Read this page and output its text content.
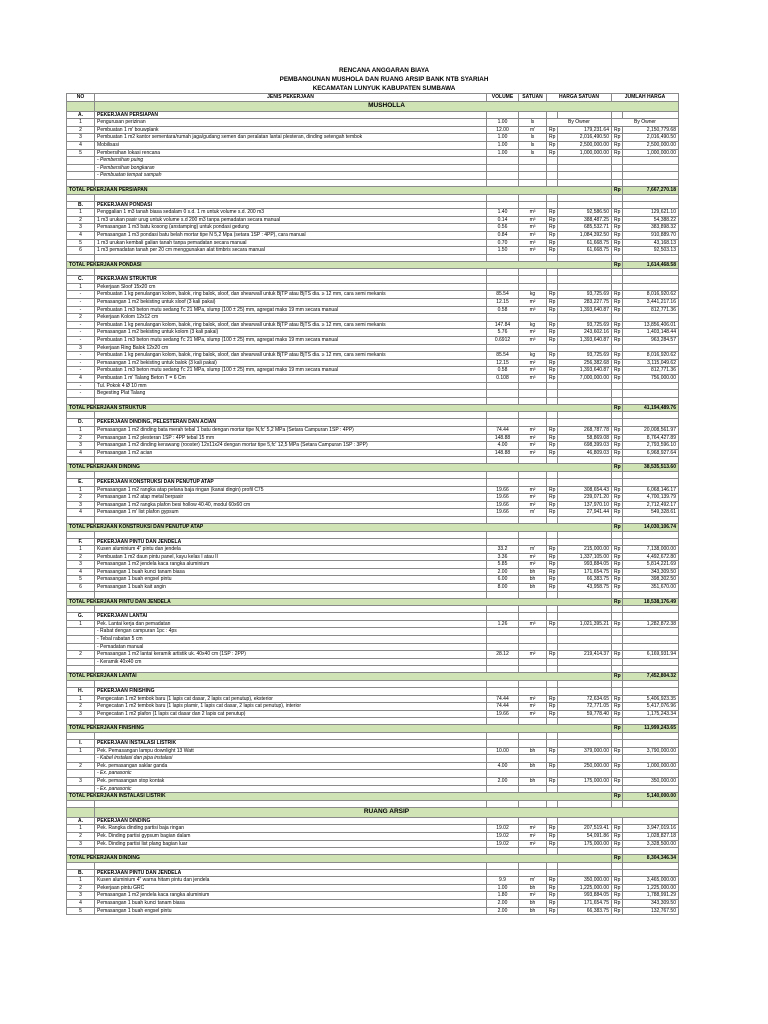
RENCANA ANGGARAN BIAYA
PEMBANGUNAN MUSHOLA DAN RUANG ARSIP BANK NTB SYARIAH
KECAMATAN LUNYUK KABUPATEN SUMBAWA
NO	JENIS PEKERJAAN	VOLUME	SATUAN	HARGA SATUAN		JUMLAH HARGA	
	MUSHOLLA						
A.	PEKERJAAN PERSIAPAN						
1	Pengurusan perizinan	1.00	ls	By Owner		By Owner	
2	Pembuatan 1 m' bouwplank	12.00	m'	Rp	179,231.64	Rp	2,150,779.68
3	Pembuatan 1 m2 kantor sementara/rumah jaga/gudang semen dan peralatan lantai plesteran, dinding setengah tembok	1.00	ls	Rp	2,016,490.50	Rp	2,016,490.50
4	Mobilisasi	1.00	ls	Rp	2,500,000.00	Rp	2,500,000.00
5	Pembersihan lokasi rencana	1.00	ls	Rp	1,000,000.00	Rp	1,000,000.00
	- Pembersihan puing						
	- Pembersihan bongkaran						
	- Pembuatan tempat sampah						

TOTAL PEKERJAAN PERSIAPAN						Rp	7,667,270.18

B.	PEKERJAAN PONDASI						
1	Penggalian 1 m3 tanah biasa sedalam 0 s.d. 1 m untuk volume s.d. 200 m3	1.40	m³	Rp	92,586.50	Rp	129,621.10
2	1 m3 urukan pasir urug untuk volume s.d 200 m3 tanpa pemadatan secara manual	0.14	m³	Rp	388,487.25	Rp	54,388.22
3	Pemasangan 1 m3 batu kosong (anstamping) untuk pondasi gedung	0.56	m³	Rp	685,532.71	Rp	383,898.32
4	Pemasangan 1 m3 pondasi batu belah mortar tipe N 5,2 Mpa (setara 1SP : 4PP), cara manual	0.84	m³	Rp	1,084,392.50	Rp	910,889.70
5	1 m3 urukan kembali galian tanah tanpa pemadatan secara manual	0.70	m³	Rp	61,668.75	Rp	43,168.13
6	1 m3 pemadatan tanah per 20 cm menggunakan alat timbris secara manual	1.50	m³	Rp	61,668.75	Rp	92,503.13

TOTAL PEKERJAAN PONDASI						Rp	1,614,468.58

C.	PEKERJAAN STRUKTUR						
1	Pekerjaan Sloof 15x20 cm						
-	Pembuatan 1 kg penulangan kolom, balok, ring balok, sloof, dan shearwall untuk BjTP atau BjTS dia. ≥ 12 mm, cara semi mekanis	85.54	kg	Rp	93,725.69	Rp	8,016,920.62
-	Pemasangan 1 m2 bekisting untuk sloof (3 kali pakai)	12.15	m²	Rp	283,227.75	Rp	3,441,217.16
-	Pembuatan 1 m3 beton mutu sedang f'c 21 MPa, slump (100 ± 25) mm, agregat maks 19 mm secara manual	0.58	m³	Rp	1,393,640.87	Rp	812,771.36
2	Pekerjaan Kolom 12x12 cm						
-	Pembuatan 1 kg penulangan kolom, balok, ring balok, sloof, dan shearwall untuk BjTP atau BjTS dia. ≥ 12 mm, cara semi mekanis	147.84	kg	Rp	93,725.69	Rp	13,856,406.01
-	Pemasangan 1 m2 bekisting untuk kolom (3 kali pakai)	5.76	m²	Rp	243,602.16	Rp	1,403,148.44
-	Pembuatan 1 m3 beton mutu sedang f'c 21 MPa, slump (100 ± 25) mm, agregat maks 19 mm secara manual	0.6912	m³	Rp	1,393,640.87	Rp	963,284.57
3	Pekerjaan Ring Balok 12x20 cm						
-	Pembuatan 1 kg penulangan kolom, balok, ring balok, sloof, dan shearwall untuk BjTP atau BjTS dia. ≥ 12 mm, cara semi mekanis	85.54	kg	Rp	93,725.69	Rp	8,016,920.62
-	Pemasangan 1 m2 bekisting untuk balok (3 kali pakai)	12.15	m²	Rp	256,382.68	Rp	3,115,049.62
-	Pembuatan 1 m3 beton mutu sedang f'c 21 MPa, slump (100 ± 25) mm, agregat maks 19 mm secara manual	0.58	m³	Rp	1,393,640.87	Rp	812,771.36
4	Pembuatan 1 m' Talang Beton T = 6 Cm	0.108	m³	Rp	7,000,000.00	Rp	756,000.00
-	Tul. Pokok 4 Ø 10 mm						
-	Begesting Plat Talang						

TOTAL PEKERJAAN STRUKTUR						Rp	41,194,489.76

D.	PEKERJAAN DINDING, PELESTERAN DAN ACIAN						
1	Pemasangan 1 m2 dinding bata merah tebal 1 batu dengan mortar tipe N,fc' 5,2 MPa (Setara Campuran 1SP : 4PP)	74.44	m²	Rp	268,787.78	Rp	20,008,561.97
2	Pemasangan 1 m2 plesteran 1SP : 4PP tebal 15 mm	148.88	m²	Rp	58,869.08	Rp	8,764,427.89
3	Pemasangan 1 m2 dinding kerawang (rooster) 12x11x24 dengan mortar tipe 5,fc' 12,5 MPa (Setara Campuran 1SP : 3PP)	4.00	m²	Rp	698,399.03	Rp	2,793,596.10
4	Pemasangan 1 m2 acian	148.88	m²	Rp	46,809.03	Rp	6,968,927.64

TOTAL PEKERJAAN DINDING						Rp	38,535,513.60

E.	PEKERJAAN KONSTRUKSI DAN PENUTUP ATAP						
1	Pemasangan 1 m2 rangka atap pelana baja ringan (kanai dingin) profil C75	19.66	m²	Rp	308,654.43	Rp	6,068,146.17
2	Pemasangan 1 m2 atap metal berpasir	19.66	m²	Rp	239,071.20	Rp	4,700,139.79
3	Pemasangan 1 m2 rangka plafon besi hollow 40.40, modul 60x60 cm	19.66	m²	Rp	137,970.10	Rp	2,712,492.17
4	Pemasangan 1 m' list plafon gypsum	19.66	m'	Rp	27,941.44	Rp	549,328.61

TOTAL PEKERJAAN KONSTRUKSI DAN PENUTUP ATAP						Rp	14,030,106.74

F.	PEKERJAAN PINTU DAN JENDELA						
1	Kusen aluminium 4" pintu dan jendela	33.2	m'	Rp	215,000.00	Rp	7,138,000.00
2	Pembuatan 1 m2 daun pintu panel, kayu kelas I atau II	3.36	m²	Rp	1,337,105.00	Rp	4,492,672.80
3	Pemasangan 1 m2 jendela kaca rangka aluminium	5.85	m²	Rp	993,884.05	Rp	5,814,221.69
4	Pemasangan 1 buah kunci tanam biasa	2.00	bh	Rp	171,654.75	Rp	343,309.50
5	Pemasangan 1 buah engsel pintu	6.00	bh	Rp	66,383.75	Rp	398,302.50
6	Pemasangan 1 buah kait angin	8.00	bh	Rp	43,958.75	Rp	351,670.00

TOTAL PEKERJAAN PINTU DAN JENDELA						Rp	18,538,176.49

G.	PEKERJAAN LANTAI						
1	Pek. Lantai kerja dan pemadatan	1.26	m³	Rp	1,021,395.21	Rp	1,282,872.38
	- Rabat dengan campuran 1pc : 4ps						
	- Tebal rabatan 5 cm						
	- Pemadatan manual						
2	Pemasangan 1 m2 lantai keramik artistik uk. 40x40 cm (1SP : 2PP)	28.12	m²	Rp	219,414.37	Rp	6,169,931.94
	- Keramik 40x40 cm						

TOTAL PEKERJAAN LANTAI						Rp	7,452,804.32

H.	PEKERJAAN FINISHING						
1	Pengecatan 1 m2 tembok baru (1 lapis cat dasar, 2 lapis cat penutup), eksterior	74.44	m²	Rp	72,634.65	Rp	5,406,923.35
2	Pengecatan 1 m2 tembok baru (1 lapis plamir, 1 lapis cat dasar, 2 lapis cat penutup), interior	74.44	m²	Rp	72,771.05	Rp	5,417,076.96
3	Pengecatan 1 m2 plafon (1 lapis cat dasar dan 2 lapis cat penutup)	19.66	m²	Rp	59,778.40	Rp	1,175,243.34

TOTAL PEKERJAAN FINISHING						Rp	11,999,243.65

I.	PEKERJAAN INSTALASI LISTRIK						
1	Pek. Pemasangan lampu downlight 13 Watt	10.00	bh	Rp	379,000.00	Rp	3,790,000.00
	- Kabel instalasi dan pipa instalasi						
2	Pek. pemasangan saklar ganda	4.00	bh	Rp	250,000.00	Rp	1,000,000.00
	- Ex. panasonic						
3	Pek. pemasangan stop kontak	2.00	bh	Rp	175,000.00	Rp	350,000.00
	- Ex. panasonic						
TOTAL PEKERJAAN INSTALASI LISTRIK						Rp	5,140,000.00

	RUANG ARSIP						
A.	PEKERJAAN DINDING						
1	Pek. Rangka dinding partisi baja ringan	19.02	m²	Rp	207,519.41	Rp	3,947,019.16
2	Pek. Dinding partisi gypsum bagian dalam	19.02	m²	Rp	54,091.86	Rp	1,028,827.18
3	Pek. Dinding partisi list plang bagian luar	19.02	m²	Rp	175,000.00	Rp	3,328,500.00

TOTAL PEKERJAAN DINDING						Rp	8,304,346.34

B.	PEKERJAAN PINTU DAN JENDELA						
1	Kusen aluminium 4" warna hitam pintu dan jendela	9.9	m'	Rp	350,000.00	Rp	3,465,000.00
2	Pekerjaan pintu GRC	1.00	bh	Rp	1,225,000.00	Rp	1,225,000.00
3	Pemasangan 1 m2 jendela kaca rangka aluminium	1.80	m²	Rp	993,884.05	Rp	1,788,991.29
4	Pemasangan 1 buah kunci tanam biasa	2.00	bh	Rp	171,654.75	Rp	343,309.50
5	Pemasangan 1 buah engsel pintu	2.00	bh	Rp	66,383.75	Rp	132,767.50
